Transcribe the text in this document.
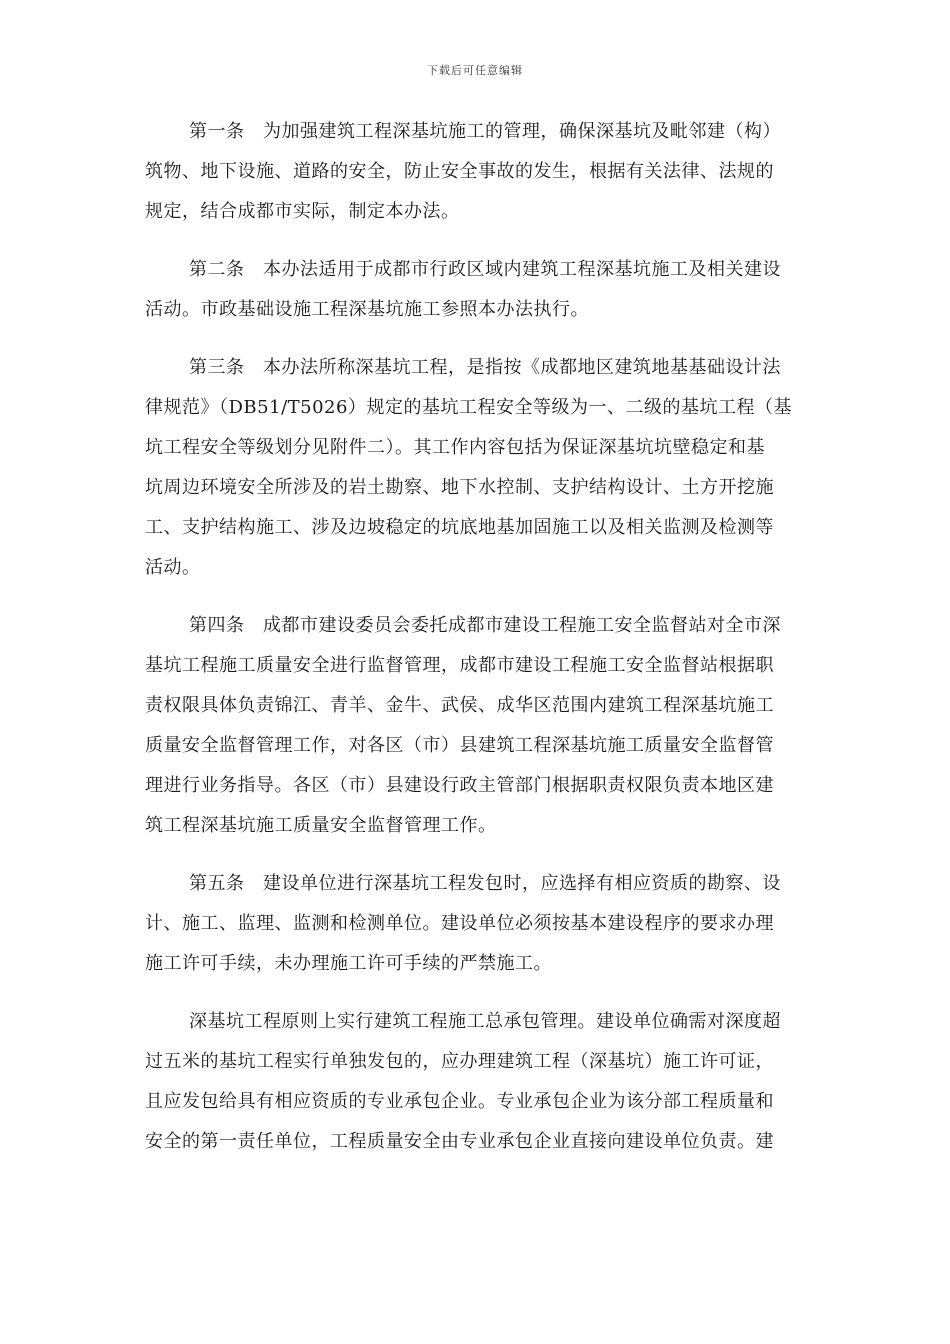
下载后可任意编辑

第一条　为加强建筑工程深基坑施工的管理，确保深基坑及毗邻建（构）
筑物、地下设施、道路的安全，防止安全事故的发生，根据有关法律、法规的
规定，结合成都市实际，制定本办法。

第二条　本办法适用于成都市行政区域内建筑工程深基坑施工及相关建设
活动。市政基础设施工程深基坑施工参照本办法执行。

第三条　本办法所称深基坑工程，是指按《成都地区建筑地基基础设计法
律规范》（DB51/T5026）规定的基坑工程安全等级为一、二级的基坑工程（基
坑工程安全等级划分见附件二）。其工作内容包括为保证深基坑坑壁稳定和基
坑周边环境安全所涉及的岩土勘察、地下水控制、支护结构设计、土方开挖施
工、支护结构施工、涉及边坡稳定的坑底地基加固施工以及相关监测及检测等
活动。

第四条　成都市建设委员会委托成都市建设工程施工安全监督站对全市深
基坑工程施工质量安全进行监督管理，成都市建设工程施工安全监督站根据职
责权限具体负责锦江、青羊、金牛、武侯、成华区范围内建筑工程深基坑施工
质量安全监督管理工作，对各区（市）县建筑工程深基坑施工质量安全监督管
理进行业务指导。各区（市）县建设行政主管部门根据职责权限负责本地区建
筑工程深基坑施工质量安全监督管理工作。

第五条　建设单位进行深基坑工程发包时，应选择有相应资质的勘察、设
计、施工、监理、监测和检测单位。建设单位必须按基本建设程序的要求办理
施工许可手续，未办理施工许可手续的严禁施工。

深基坑工程原则上实行建筑工程施工总承包管理。建设单位确需对深度超
过五米的基坑工程实行单独发包的，应办理建筑工程（深基坑）施工许可证，
且应发包给具有相应资质的专业承包企业。专业承包企业为该分部工程质量和
安全的第一责任单位，工程质量安全由专业承包企业直接向建设单位负责。建
